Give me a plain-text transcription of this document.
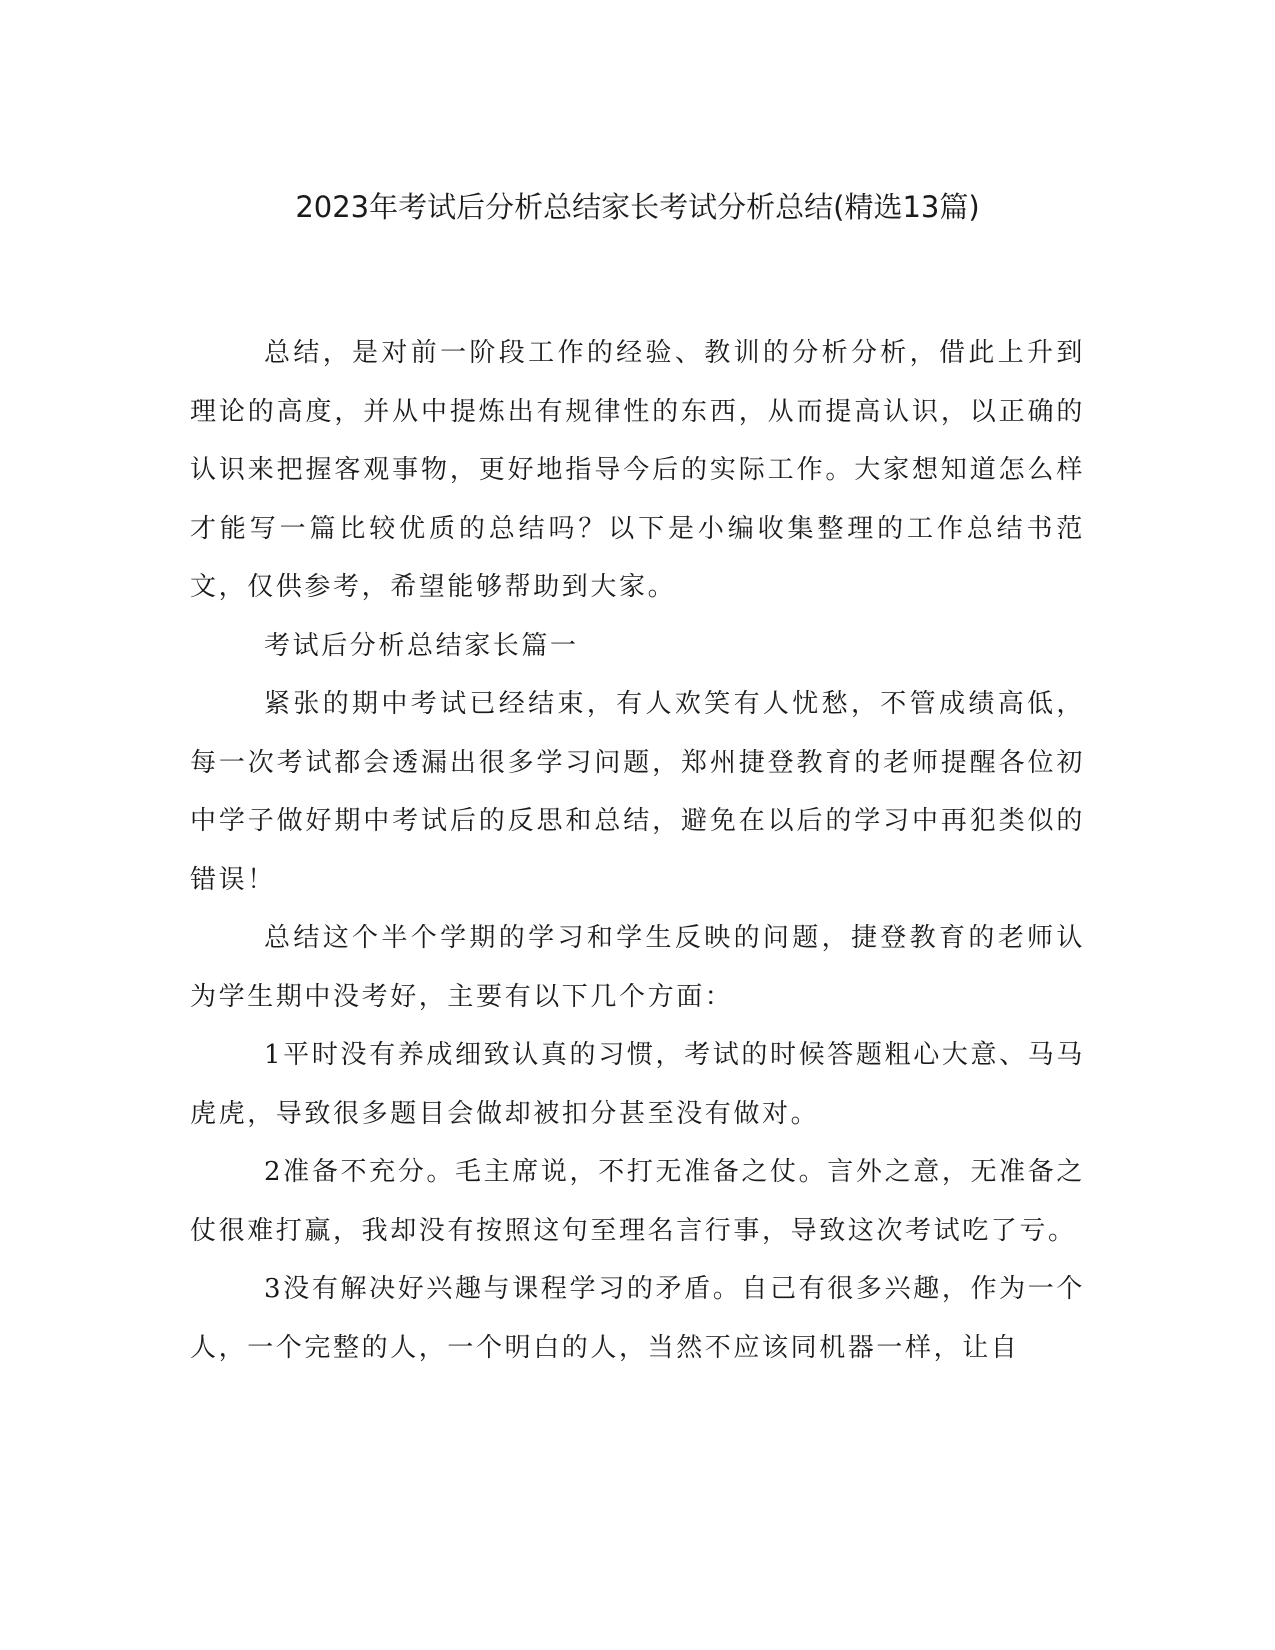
2023年考试后分析总结家长考试分析总结(精选13篇)

总结，是对前一阶段工作的经验、教训的分析分析，借此上升到理论的高度，并从中提炼出有规律性的东西，从而提高认识，以正确的认识来把握客观事物，更好地指导今后的实际工作。大家想知道怎么样才能写一篇比较优质的总结吗？以下是小编收集整理的工作总结书范文，仅供参考，希望能够帮助到大家。

考试后分析总结家长篇一

紧张的期中考试已经结束，有人欢笑有人忧愁，不管成绩高低，每一次考试都会透漏出很多学习问题，郑州捷登教育的老师提醒各位初中学子做好期中考试后的反思和总结，避免在以后的学习中再犯类似的错误！

总结这个半个学期的学习和学生反映的问题，捷登教育的老师认为学生期中没考好，主要有以下几个方面：

1平时没有养成细致认真的习惯，考试的时候答题粗心大意、马马虎虎，导致很多题目会做却被扣分甚至没有做对。

2准备不充分。毛主席说，不打无准备之仗。言外之意，无准备之仗很难打赢，我却没有按照这句至理名言行事，导致这次考试吃了亏。

3没有解决好兴趣与课程学习的矛盾。自己有很多兴趣，作为一个人，一个完整的人，一个明白的人，当然不应该同机器一样，让自
